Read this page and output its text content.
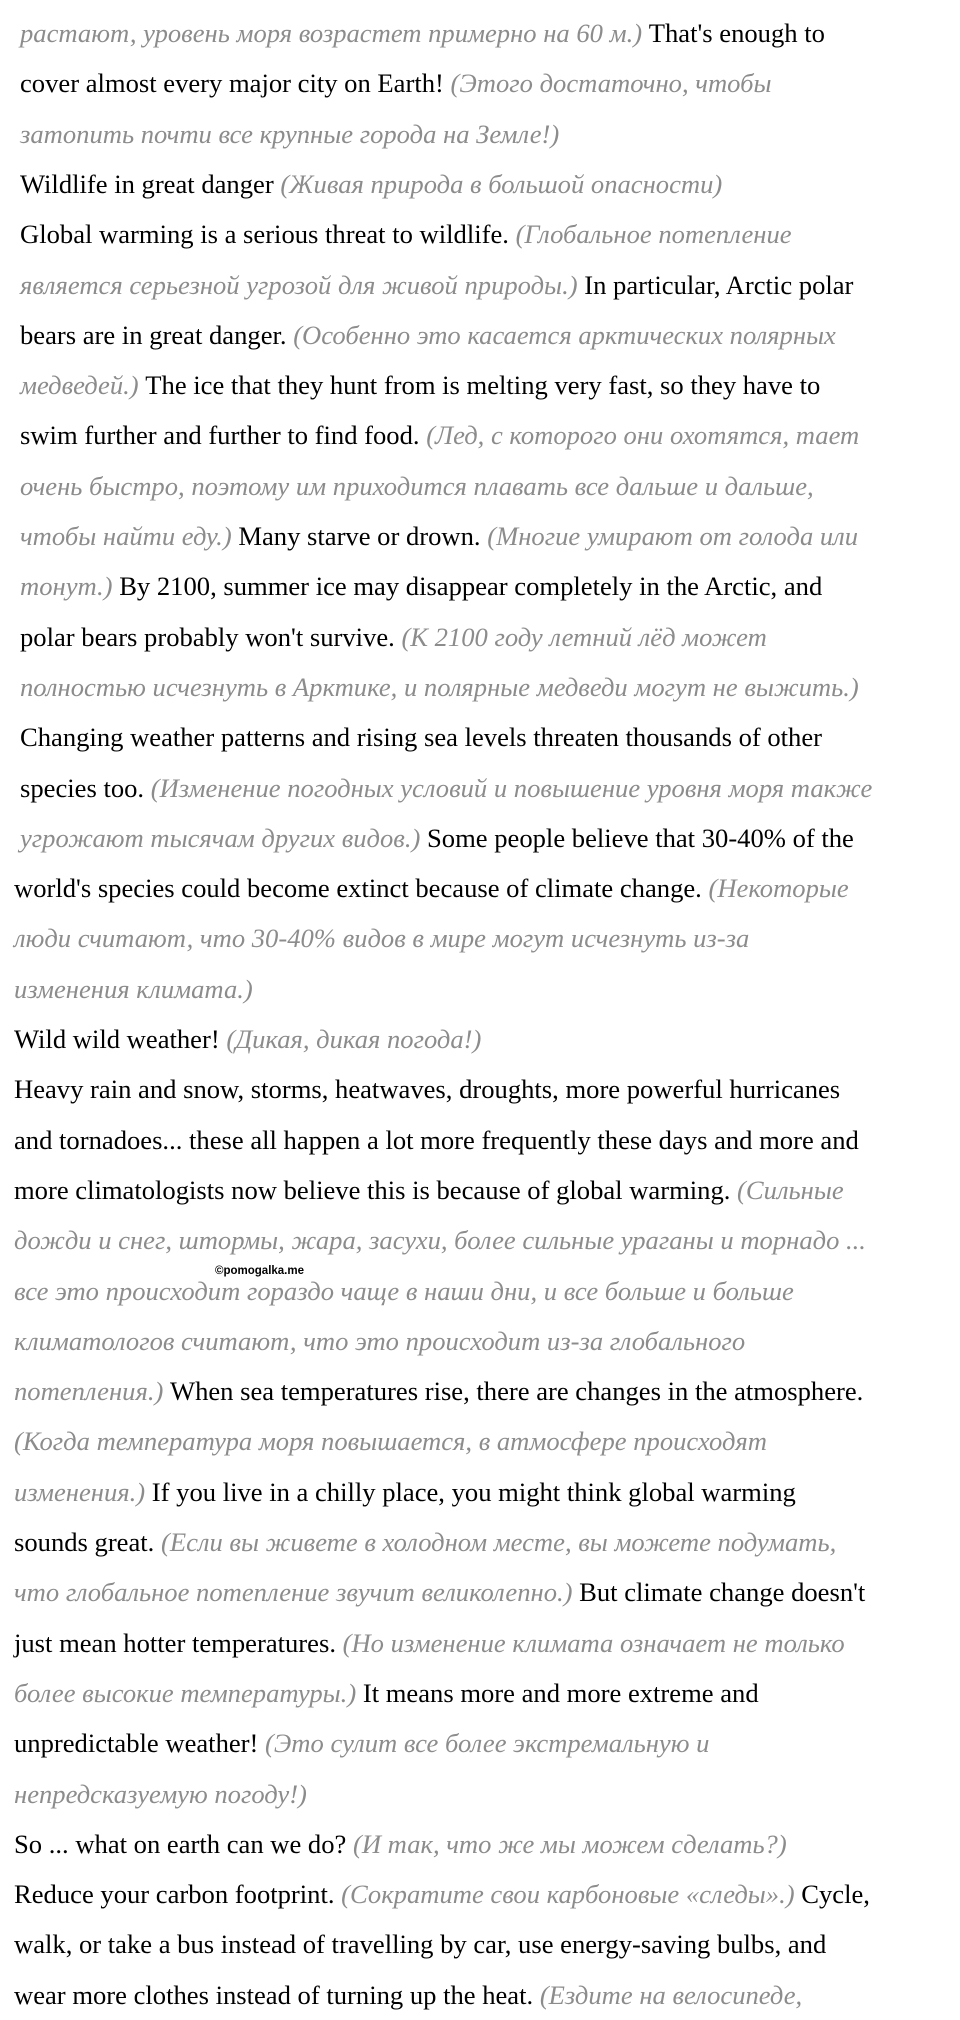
растают, уровень моря возрастет примерно на 60 м.) That's enough to
cover almost every major city on Earth! (Этого достаточно, чтобы
затопить почти все крупные города на Земле!)
Wildlife in great danger (Живая природа в большой опасности)
Global warming is a serious threat to wildlife. (Глобальное потепление
является серьезной угрозой для живой природы.) In particular, Arctic polar
bears are in great danger. (Особенно это касается арктических полярных
медведей.) The ice that they hunt from is melting very fast, so they have to
swim further and further to find food. (Лед, с которого они охотятся, тает
очень быстро, поэтому им приходится плавать все дальше и дальше,
чтобы найти еду.) Many starve or drown. (Многие умирают от голода или
тонут.) By 2100, summer ice may disappear completely in the Arctic, and
polar bears probably won't survive. (К 2100 году летний лёд может
полностью исчезнуть в Арктике, и полярные медведи могут не выжить.)
Changing weather patterns and rising sea levels threaten thousands of other
species too. (Изменение погодных условий и повышение уровня моря также
угрожают тысячам других видов.) Some people believe that 30-40% of the
world's species could become extinct because of climate change. (Некоторые
люди считают, что 30-40% видов в мире могут исчезнуть из-за
изменения климата.)
Wild wild weather! (Дикая, дикая погода!)
Heavy rain and snow, storms, heatwaves, droughts, more powerful hurricanes
and tornadoes... these all happen a lot more frequently these days and more and
more climatologists now believe this is because of global warming. (Сильные
дожди и снег, штормы, жара, засухи, более сильные ураганы и торнадо ...
все это происходит гораздо чаще в наши дни, и все больше и больше
климатологов считают, что это происходит из-за глобального
потепления.) When sea temperatures rise, there are changes in the atmosphere.
(Когда температура моря повышается, в атмосфере происходят
изменения.) If you live in a chilly place, you might think global warming
sounds great. (Если вы живете в холодном месте, вы можете подумать,
что глобальное потепление звучит великолепно.) But climate change doesn't
just mean hotter temperatures. (Но изменение климата означает не только
более высокие температуры.) It means more and more extreme and
unpredictable weather! (Это сулит все более экстремальную и
непредсказуемую погоду!)
So ... what on earth can we do? (И так, что же мы можем сделать?)
Reduce your carbon footprint. (Сократите свои карбоновые «следы».) Cycle,
walk, or take a bus instead of travelling by car, use energy-saving bulbs, and
wear more clothes instead of turning up the heat. (Ездите на велосипеде,
©pomogalka.me
